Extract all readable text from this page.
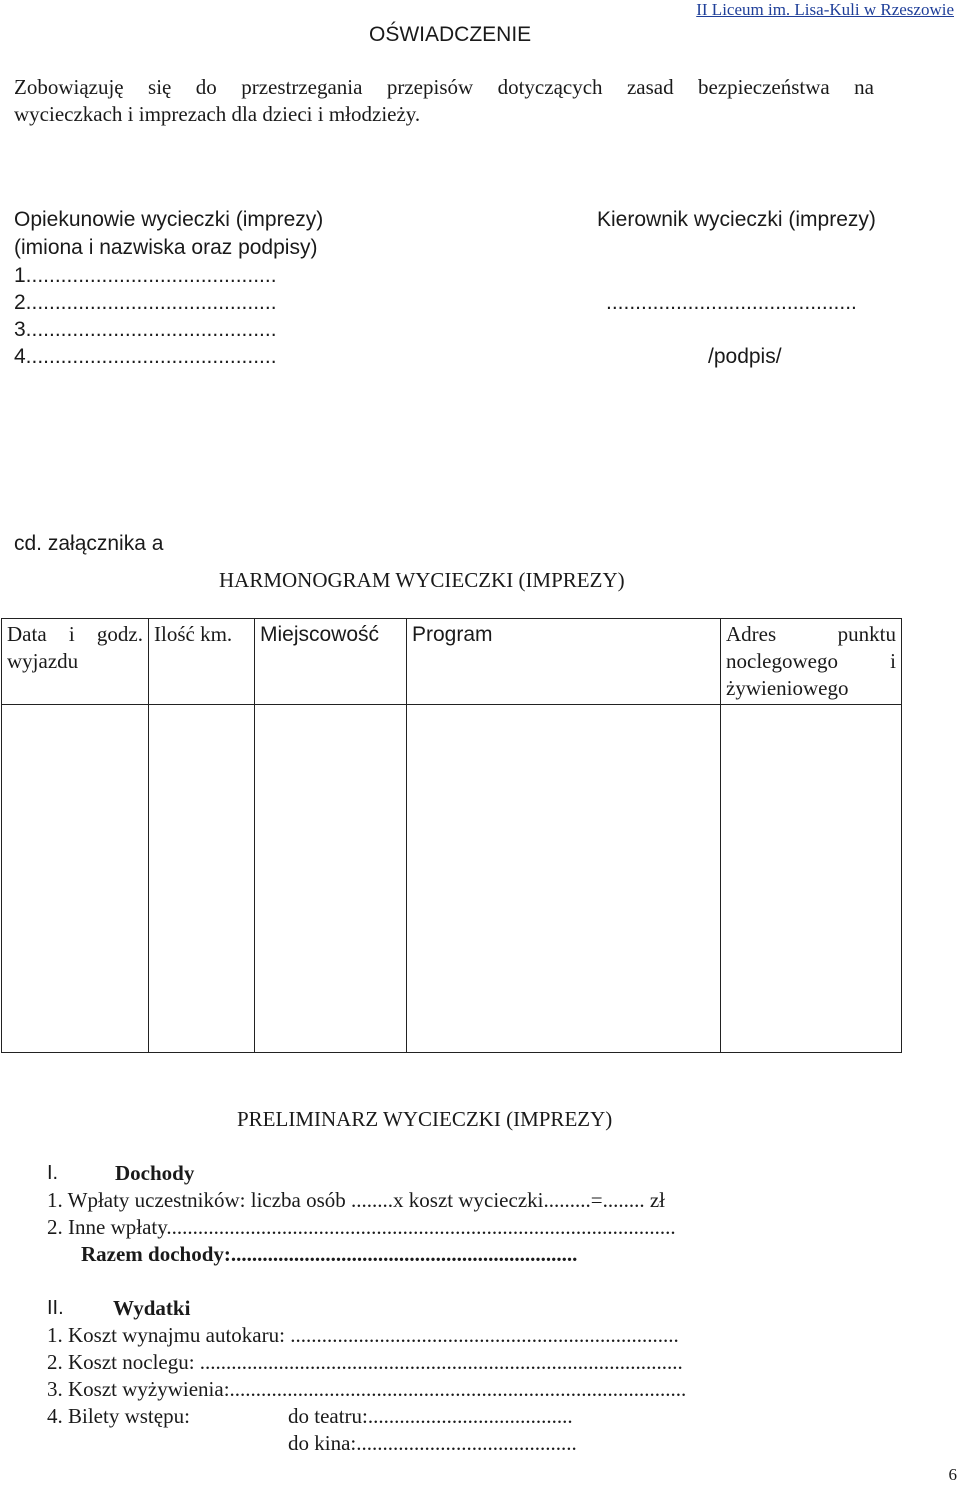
II Liceum im. Lisa-Kuli w Rzeszowie
OŚWIADCZENIE
Zobowiązuję się do przestrzegania przepisów dotyczących zasad bezpieczeństwa na
wycieczkach i imprezach dla dzieci i młodzieży.
Opiekunowie wycieczki (imprezy)
(imiona i nazwiska oraz podpisy)
1...........................................
2...........................................
3...........................................
4...........................................
Kierownik wycieczki (imprezy)
...........................................
/podpis/
cd. załącznika a
HARMONOGRAM WYCIECZKI (IMPREZY)
Data i godz. wyjazdu	Ilość km.	Miejscowość	Program	Adres punktu noclegowego i żywieniowego

PRELIMINARZ WYCIECZKI (IMPREZY)
I.	Dochody
1. Wpłaty uczestników: liczba osób ........x koszt wycieczki.........=........ zł
2. Inne wpłaty.................................................................................................
Razem dochody:..................................................................
II. Wydatki
1. Koszt wynajmu autokaru: ..........................................................................
2. Koszt noclegu: ............................................................................................
3. Koszt wyżywienia:.......................................................................................
4. Bilety wstępu:	do teatru:.......................................
do kina:..........................................
6
